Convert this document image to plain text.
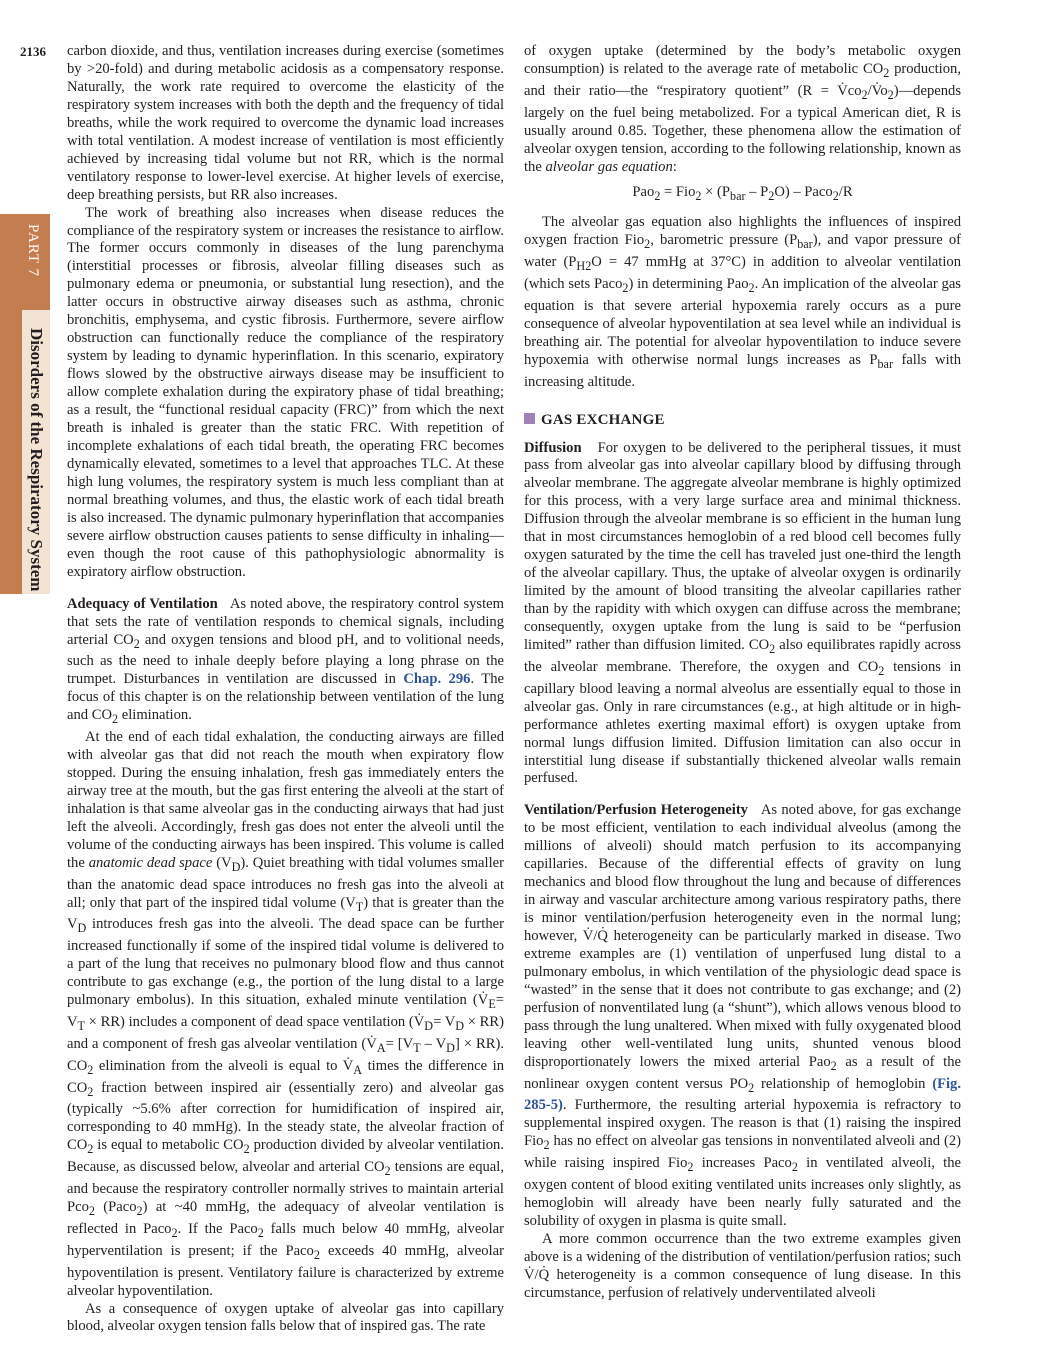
2136
PART 7
Disorders of the Respiratory System

carbon dioxide, and thus, ventilation increases during exercise (sometimes by >20-fold) and during metabolic acidosis as a compensatory response. Naturally, the work rate required to overcome the elasticity of the respiratory system increases with both the depth and the frequency of tidal breaths, while the work required to overcome the dynamic load increases with total ventilation. A modest increase of ventilation is most efficiently achieved by increasing tidal volume but not RR, which is the normal ventilatory response to lower-level exercise. At higher levels of exercise, deep breathing persists, but RR also increases.

The work of breathing also increases when disease reduces the compliance of the respiratory system or increases the resistance to airflow. The former occurs commonly in diseases of the lung parenchyma (interstitial processes or fibrosis, alveolar filling diseases such as pulmonary edema or pneumonia, or substantial lung resection), and the latter occurs in obstructive airway diseases such as asthma, chronic bronchitis, emphysema, and cystic fibrosis. Furthermore, severe airflow obstruction can functionally reduce the compliance of the respiratory system by leading to dynamic hyperinflation. In this scenario, expiratory flows slowed by the obstructive airways disease may be insufficient to allow complete exhalation during the expiratory phase of tidal breathing; as a result, the “functional residual capacity (FRC)” from which the next breath is inhaled is greater than the static FRC. With repetition of incomplete exhalations of each tidal breath, the operating FRC becomes dynamically elevated, sometimes to a level that approaches TLC. At these high lung volumes, the respiratory system is much less compliant than at normal breathing volumes, and thus, the elastic work of each tidal breath is also increased. The dynamic pulmonary hyperinflation that accompanies severe airflow obstruction causes patients to sense difficulty in inhaling—even though the root cause of this pathophysiologic abnormality is expiratory airflow obstruction.

Adequacy of Ventilation As noted above, the respiratory control system that sets the rate of ventilation responds to chemical signals, including arterial $CO_2$ and oxygen tensions and blood pH, and to volitional needs, such as the need to inhale deeply before playing a long phrase on the trumpet. Disturbances in ventilation are discussed in Chap. 296. The focus of this chapter is on the relationship between ventilation of the lung and $CO_2$ elimination.

At the end of each tidal exhalation, the conducting airways are filled with alveolar gas that did not reach the mouth when expiratory flow stopped. During the ensuing inhalation, fresh gas immediately enters the airway tree at the mouth, but the gas first entering the alveoli at the start of inhalation is that same alveolar gas in the conducting airways that had just left the alveoli. Accordingly, fresh gas does not enter the alveoli until the volume of the conducting airways has been inspired. This volume is called the anatomic dead space $(V_D)$. Quiet breathing with tidal volumes smaller than the anatomic dead space introduces no fresh gas into the alveoli at all; only that part of the inspired tidal volume $(V_T)$ that is greater than the $V_D$ introduces fresh gas into the alveoli. The dead space can be further increased functionally if some of the inspired tidal volume is delivered to a part of the lung that receives no pulmonary blood flow and thus cannot contribute to gas exchange (e.g., the portion of the lung distal to a large pulmonary embolus). In this situation, exhaled minute ventilation $(V̇_E= V_T \times RR)$ includes a component of dead space ventilation $(V̇_D= V_D \times RR)$ and a component of fresh gas alveolar ventilation $(V̇_A= [V_T - V_D] \times RR)$. $CO_2$ elimination from the alveoli is equal to $V̇_A$ times the difference in $CO_2$ fraction between inspired air (essentially zero) and alveolar gas (typically ~5.6% after correction for humidification of inspired air, corresponding to 40 mmHg). In the steady state, the alveolar fraction of $CO_2$ is equal to metabolic $CO_2$ production divided by alveolar ventilation. Because, as discussed below, alveolar and arterial $CO_2$ tensions are equal, and because the respiratory controller normally strives to maintain arterial Pco$_2$ (Paco$_2$) at ~40 mmHg, the adequacy of alveolar ventilation is reflected in Paco$_2$. If the Paco$_2$ falls much below 40 mmHg, alveolar hyperventilation is present; if the Paco$_2$ exceeds 40 mmHg, alveolar hypoventilation is present. Ventilatory failure is characterized by extreme alveolar hypoventilation.

As a consequence of oxygen uptake of alveolar gas into capillary blood, alveolar oxygen tension falls below that of inspired gas. The rate

of oxygen uptake (determined by the body’s metabolic oxygen consumption) is related to the average rate of metabolic $CO_2$ production, and their ratio—the “respiratory quotient” $(R = V̇co_2/V̇o_2)—depends$ largely on the fuel being metabolized. For a typical American diet, R is usually around 0.85. Together, these phenomena allow the estimation of alveolar oxygen tension, according to the following relationship, known as the alveolar gas equation:

$Pao_2 = Fio_2 \times (P_{bar} - P_2O)$ – Paco$_2$/R

The alveolar gas equation also highlights the influences of inspired oxygen fraction Fio$_2$, barometric pressure $(P_{bar})$, and vapor pressure of water ($P_{H2}O = 47$ mmHg at 37°C) in addition to alveolar ventilation (which sets Paco$_2$) in determining Pao$_2$. An implication of the alveolar gas equation is that severe arterial hypoxemia rarely occurs as a pure consequence of alveolar hypoventilation at sea level while an individual is breathing air. The potential for alveolar hypoventilation to induce severe hypoxemia with otherwise normal lungs increases as $P_{bar}$ falls with increasing altitude.

GAS EXCHANGE

Diffusion For oxygen to be delivered to the peripheral tissues, it must pass from alveolar gas into alveolar capillary blood by diffusing through alveolar membrane. The aggregate alveolar membrane is highly optimized for this process, with a very large surface area and minimal thickness. Diffusion through the alveolar membrane is so efficient in the human lung that in most circumstances hemoglobin of a red blood cell becomes fully oxygen saturated by the time the cell has traveled just one-third the length of the alveolar capillary. Thus, the uptake of alveolar oxygen is ordinarily limited by the amount of blood transiting the alveolar capillaries rather than by the rapidity with which oxygen can diffuse across the membrane; consequently, oxygen uptake from the lung is said to be “perfusion limited” rather than diffusion limited. $CO_2$ also equilibrates rapidly across the alveolar membrane. Therefore, the oxygen and $CO_2$ tensions in capillary blood leaving a normal alveolus are essentially equal to those in alveolar gas. Only in rare circumstances (e.g., at high altitude or in high-performance athletes exerting maximal effort) is oxygen uptake from normal lungs diffusion limited. Diffusion limitation can also occur in interstitial lung disease if substantially thickened alveolar walls remain perfused.

Ventilation/Perfusion Heterogeneity As noted above, for gas exchange to be most efficient, ventilation to each individual alveolus (among the millions of alveoli) should match perfusion to its accompanying capillaries. Because of the differential effects of gravity on lung mechanics and blood flow throughout the lung and because of differences in airway and vascular architecture among various respiratory paths, there is minor ventilation/perfusion heterogeneity even in the normal lung; however, V̇/Q̇ heterogeneity can be particularly marked in disease. Two extreme examples are (1) ventilation of unperfused lung distal to a pulmonary embolus, in which ventilation of the physiologic dead space is “wasted” in the sense that it does not contribute to gas exchange; and (2) perfusion of nonventilated lung (a “shunt”), which allows venous blood to pass through the lung unaltered. When mixed with fully oxygenated blood leaving other well-ventilated lung units, shunted venous blood disproportionately lowers the mixed arterial Pao$_2$ as a result of the nonlinear oxygen content versus $PO_2$ relationship of hemoglobin (Fig. 285-5). Furthermore, the resulting arterial hypoxemia is refractory to supplemental inspired oxygen. The reason is that (1) raising the inspired Fio$_2$ has no effect on alveolar gas tensions in nonventilated alveoli and (2) while raising inspired Fio$_2$ increases Paco$_2$ in ventilated alveoli, the oxygen content of blood exiting ventilated units increases only slightly, as hemoglobin will already have been nearly fully saturated and the solubility of oxygen in plasma is quite small.

A more common occurrence than the two extreme examples given above is a widening of the distribution of ventilation/perfusion ratios; such V̇/Q̇ heterogeneity is a common consequence of lung disease. In this circumstance, perfusion of relatively underventilated alveoli
